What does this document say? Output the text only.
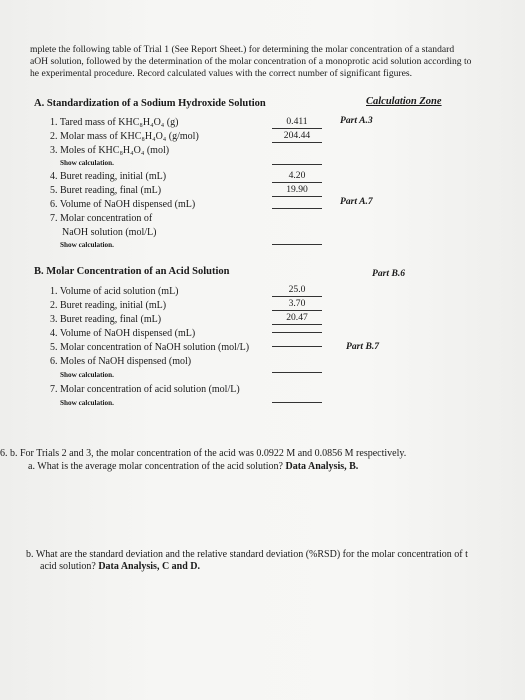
mplete the following table of Trial 1 (See Report Sheet.) for determining the molar concentration of a standard
aOH solution, followed by the determination of the molar concentration of a monoprotic acid solution according to
he experimental procedure. Record calculated values with the correct number of significant figures.
A. Standardization of a Sodium Hydroxide Solution	Calculation Zone
1. Tared mass of KHC₈H₄O₄ (g)	0.411	Part A.3
2. Molar mass of KHC₈H₄O₄ (g/mol)	204.44
3. Moles of KHC₈H₄O₄ (mol)
Show calculation.
4. Buret reading, initial (mL)	4.20
5. Buret reading, final (mL)	19.90
6. Volume of NaOH dispensed (mL)	Part A.7
7. Molar concentration of
NaOH solution (mol/L)
Show calculation.
B. Molar Concentration of an Acid Solution	Part B.6
1. Volume of acid solution (mL)	25.0
2. Buret reading, initial (mL)	3.70
3. Buret reading, final (mL)	20.47
4. Volume of NaOH dispensed (mL)
5. Molar concentration of NaOH solution (mol/L)	Part B.7
6. Moles of NaOH dispensed (mol)
Show calculation.
7. Molar concentration of acid solution (mol/L)
Show calculation.
6. b. For Trials 2 and 3, the molar concentration of the acid was 0.0922 M and 0.0856 M respectively.
a. What is the average molar concentration of the acid solution? Data Analysis, B.
b. What are the standard deviation and the relative standard deviation (%RSD) for the molar concentration of t
acid solution? Data Analysis, C and D.
